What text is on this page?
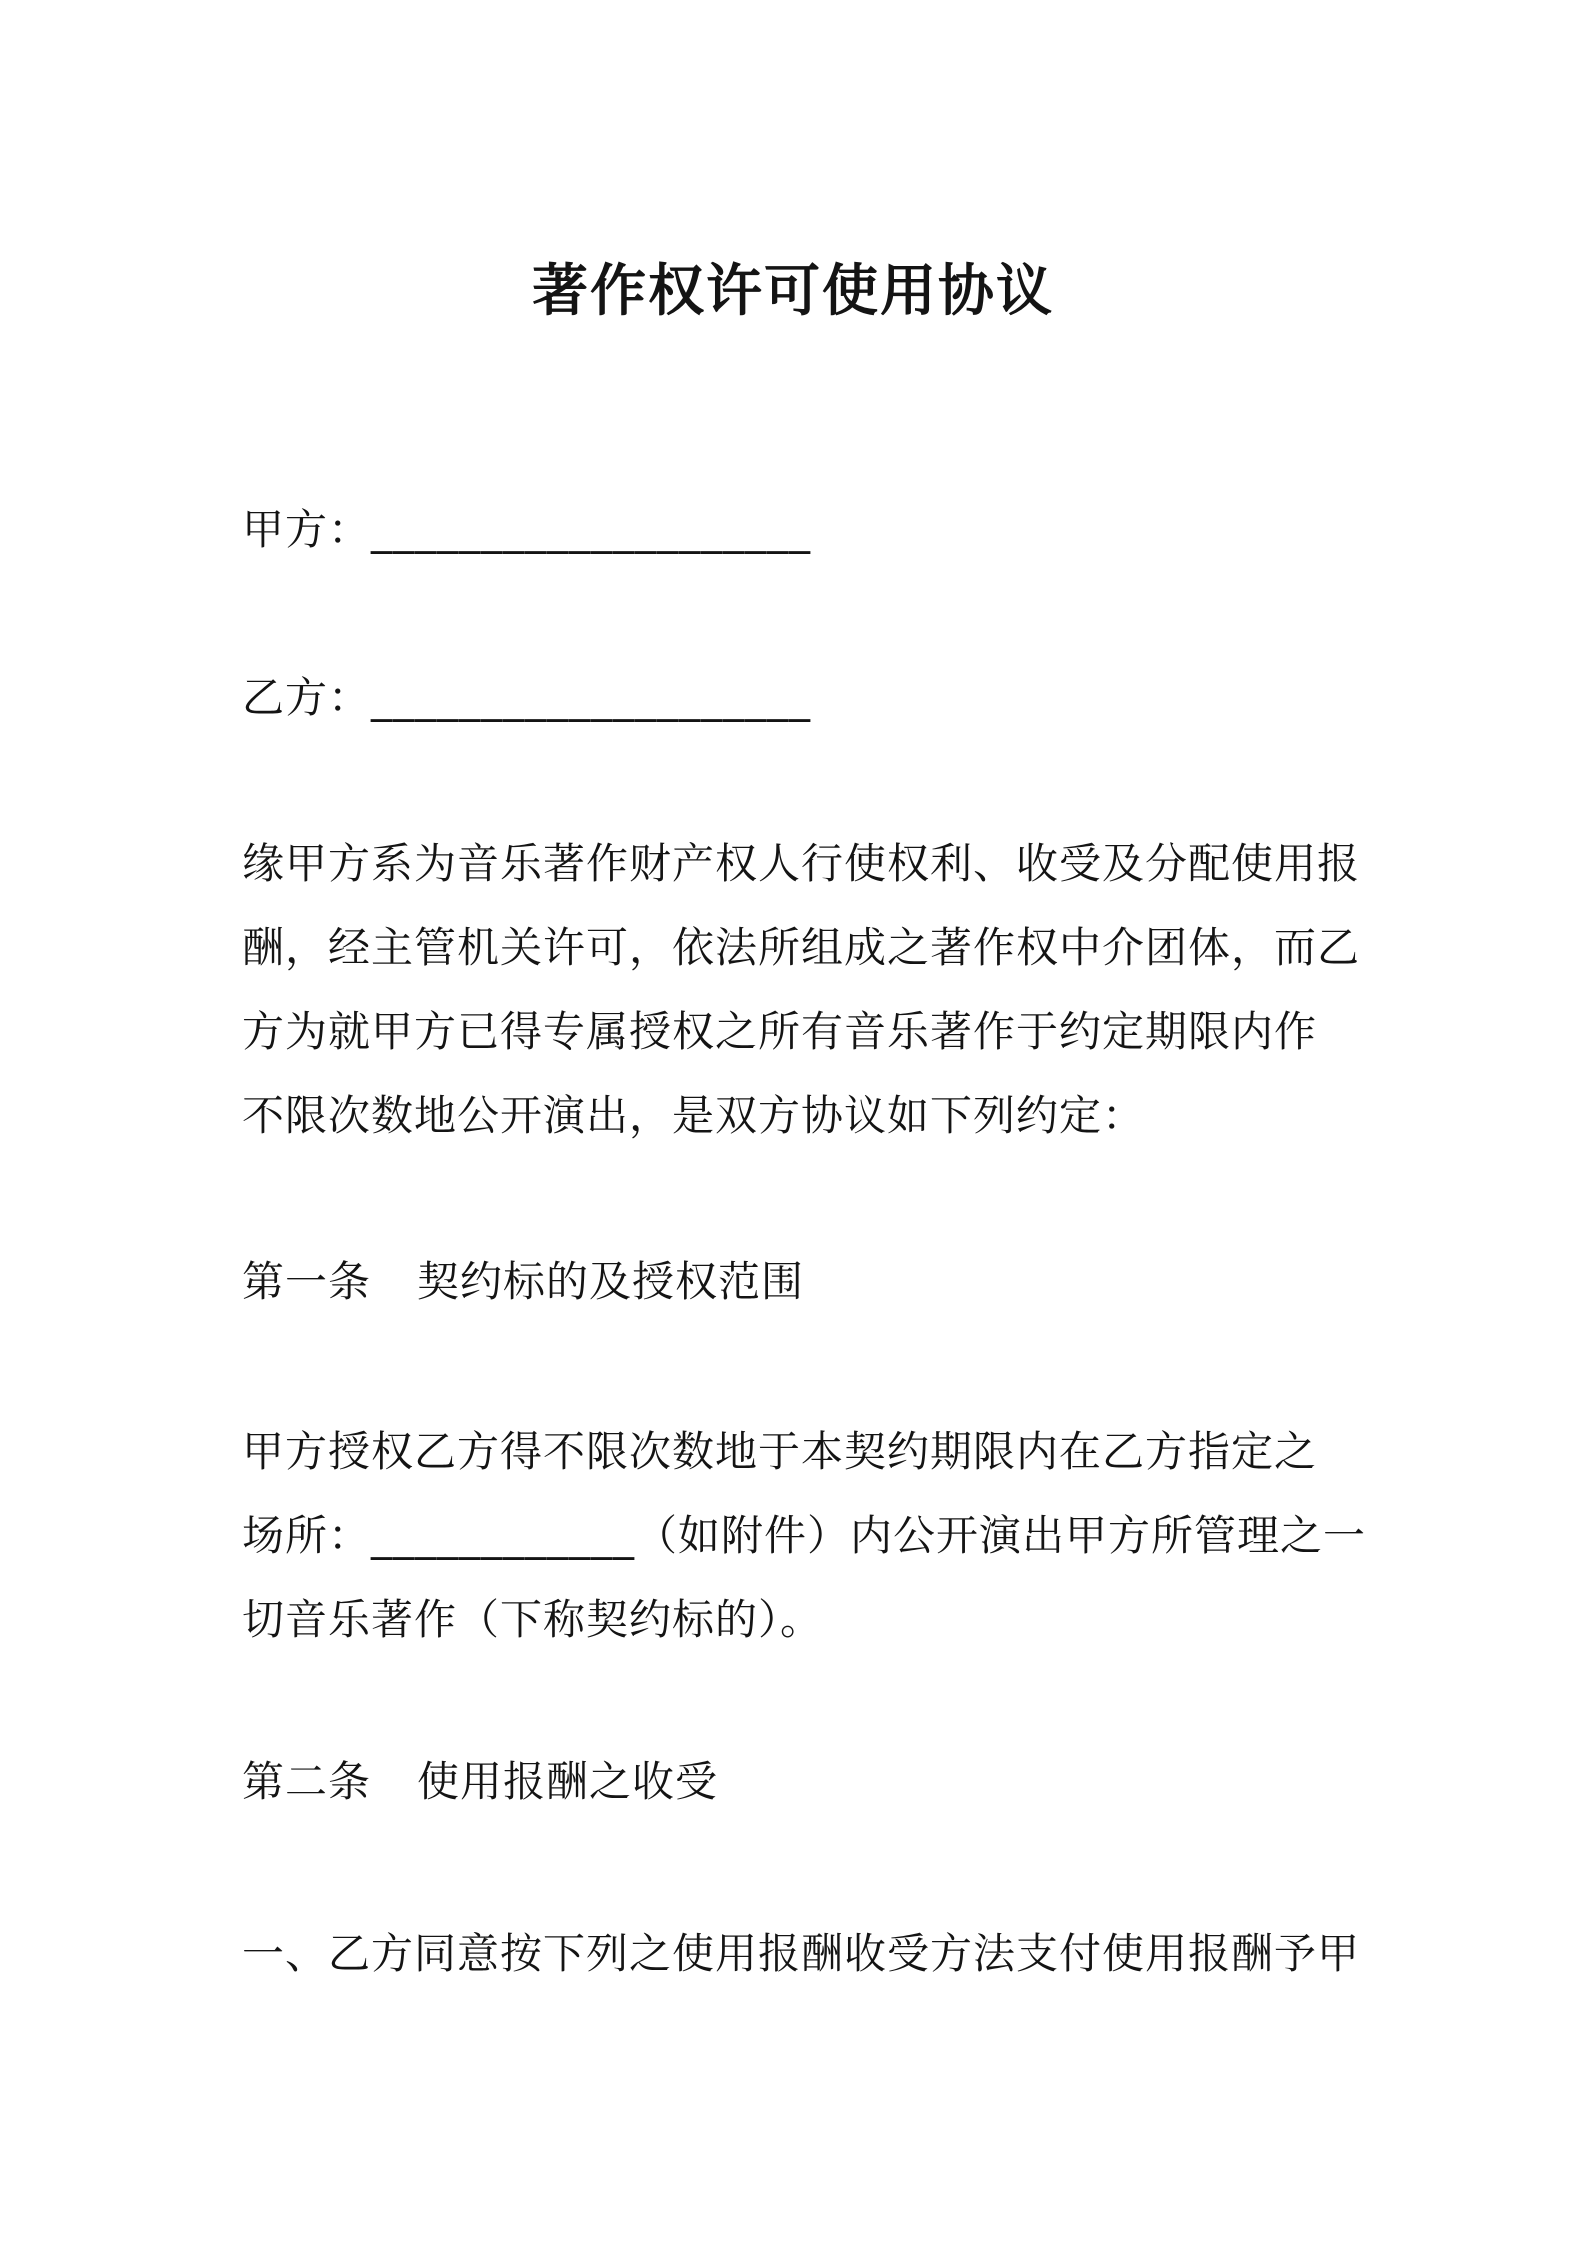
著作权许可使用协议
甲方：____________________
乙方：____________________
缘甲方系为音乐著作财产权人行使权利、收受及分配使用报
酬，经主管机关许可，依法所组成之著作权中介团体，而乙
方为就甲方已得专属授权之所有音乐著作于约定期限内作
不限次数地公开演出，是双方协议如下列约定：
第一条 契约标的及授权范围
甲方授权乙方得不限次数地于本契约期限内在乙方指定之
场所：____________（如附件）内公开演出甲方所管理之一
切音乐著作（下称契约标的）。
第二条 使用报酬之收受
一、乙方同意按下列之使用报酬收受方法支付使用报酬予甲
